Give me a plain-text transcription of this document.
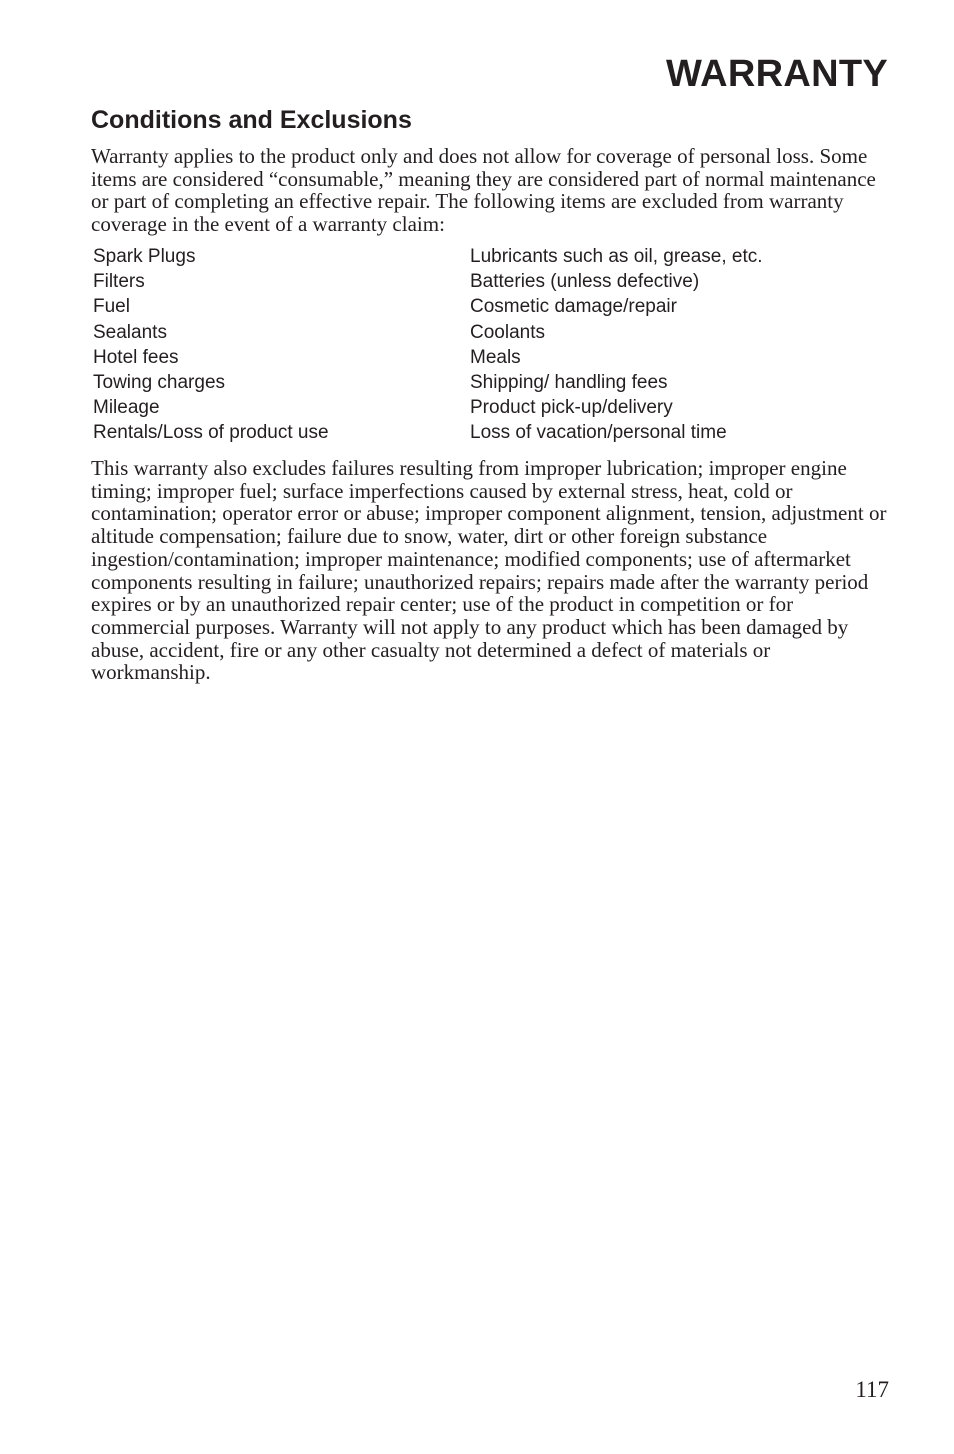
WARRANTY
Conditions and Exclusions

Warranty applies to the product only and does not allow for coverage of personal loss. Some items are considered “consumable,” meaning they are considered part of normal maintenance or part of completing an effective repair. The following items are excluded from warranty coverage in the event of a warranty claim:

Spark Plugs	Lubricants such as oil, grease, etc.
Filters	Batteries (unless defective)
Fuel	Cosmetic damage/repair
Sealants	Coolants
Hotel fees	Meals
Towing charges	Shipping/ handling fees
Mileage	Product pick-up/delivery
Rentals/Loss of product use	Loss of vacation/personal time

This warranty also excludes failures resulting from improper lubrication; improper engine timing; improper fuel; surface imperfections caused by external stress, heat, cold or contamination; operator error or abuse; improper component alignment, tension, adjustment or altitude compensation; failure due to snow, water, dirt or other foreign substance ingestion/contamination; improper maintenance; modified components; use of aftermarket components resulting in failure; unauthorized repairs; repairs made after the warranty period expires or by an unauthorized repair center; use of the product in competition or for commercial purposes. Warranty will not apply to any product which has been damaged by abuse, accident, fire or any other casualty not determined a defect of materials or workmanship.

117
